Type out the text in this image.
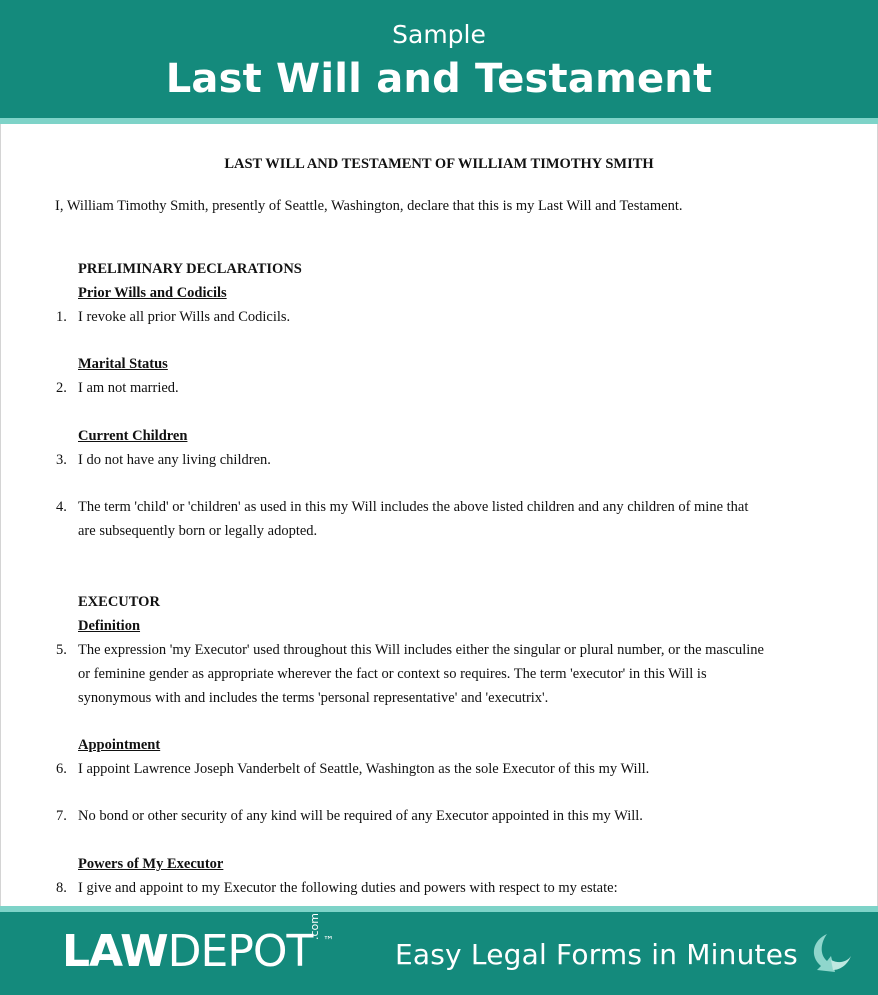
Sample
Last Will and Testament
LAST WILL AND TESTAMENT OF WILLIAM TIMOTHY SMITH
I, William Timothy Smith, presently of Seattle, Washington, declare that this is my Last Will and Testament.
PRELIMINARY DECLARATIONS
Prior Wills and Codicils
1. I revoke all prior Wills and Codicils.
Marital Status
2. I am not married.
Current Children
3. I do not have any living children.
4. The term 'child' or 'children' as used in this my Will includes the above listed children and any children of mine that
are subsequently born or legally adopted.
EXECUTOR
Definition
5. The expression 'my Executor' used throughout this Will includes either the singular or plural number, or the masculine
or feminine gender as appropriate wherever the fact or context so requires. The term 'executor' in this Will is
synonymous with and includes the terms 'personal representative' and 'executrix'.
Appointment
6. I appoint Lawrence Joseph Vanderbelt of Seattle, Washington as the sole Executor of this my Will.
7. No bond or other security of any kind will be required of any Executor appointed in this my Will.
Powers of My Executor
8. I give and appoint to my Executor the following duties and powers with respect to my estate:
LAWDEPOT
.com
™ Easy Legal Forms in Minutes
